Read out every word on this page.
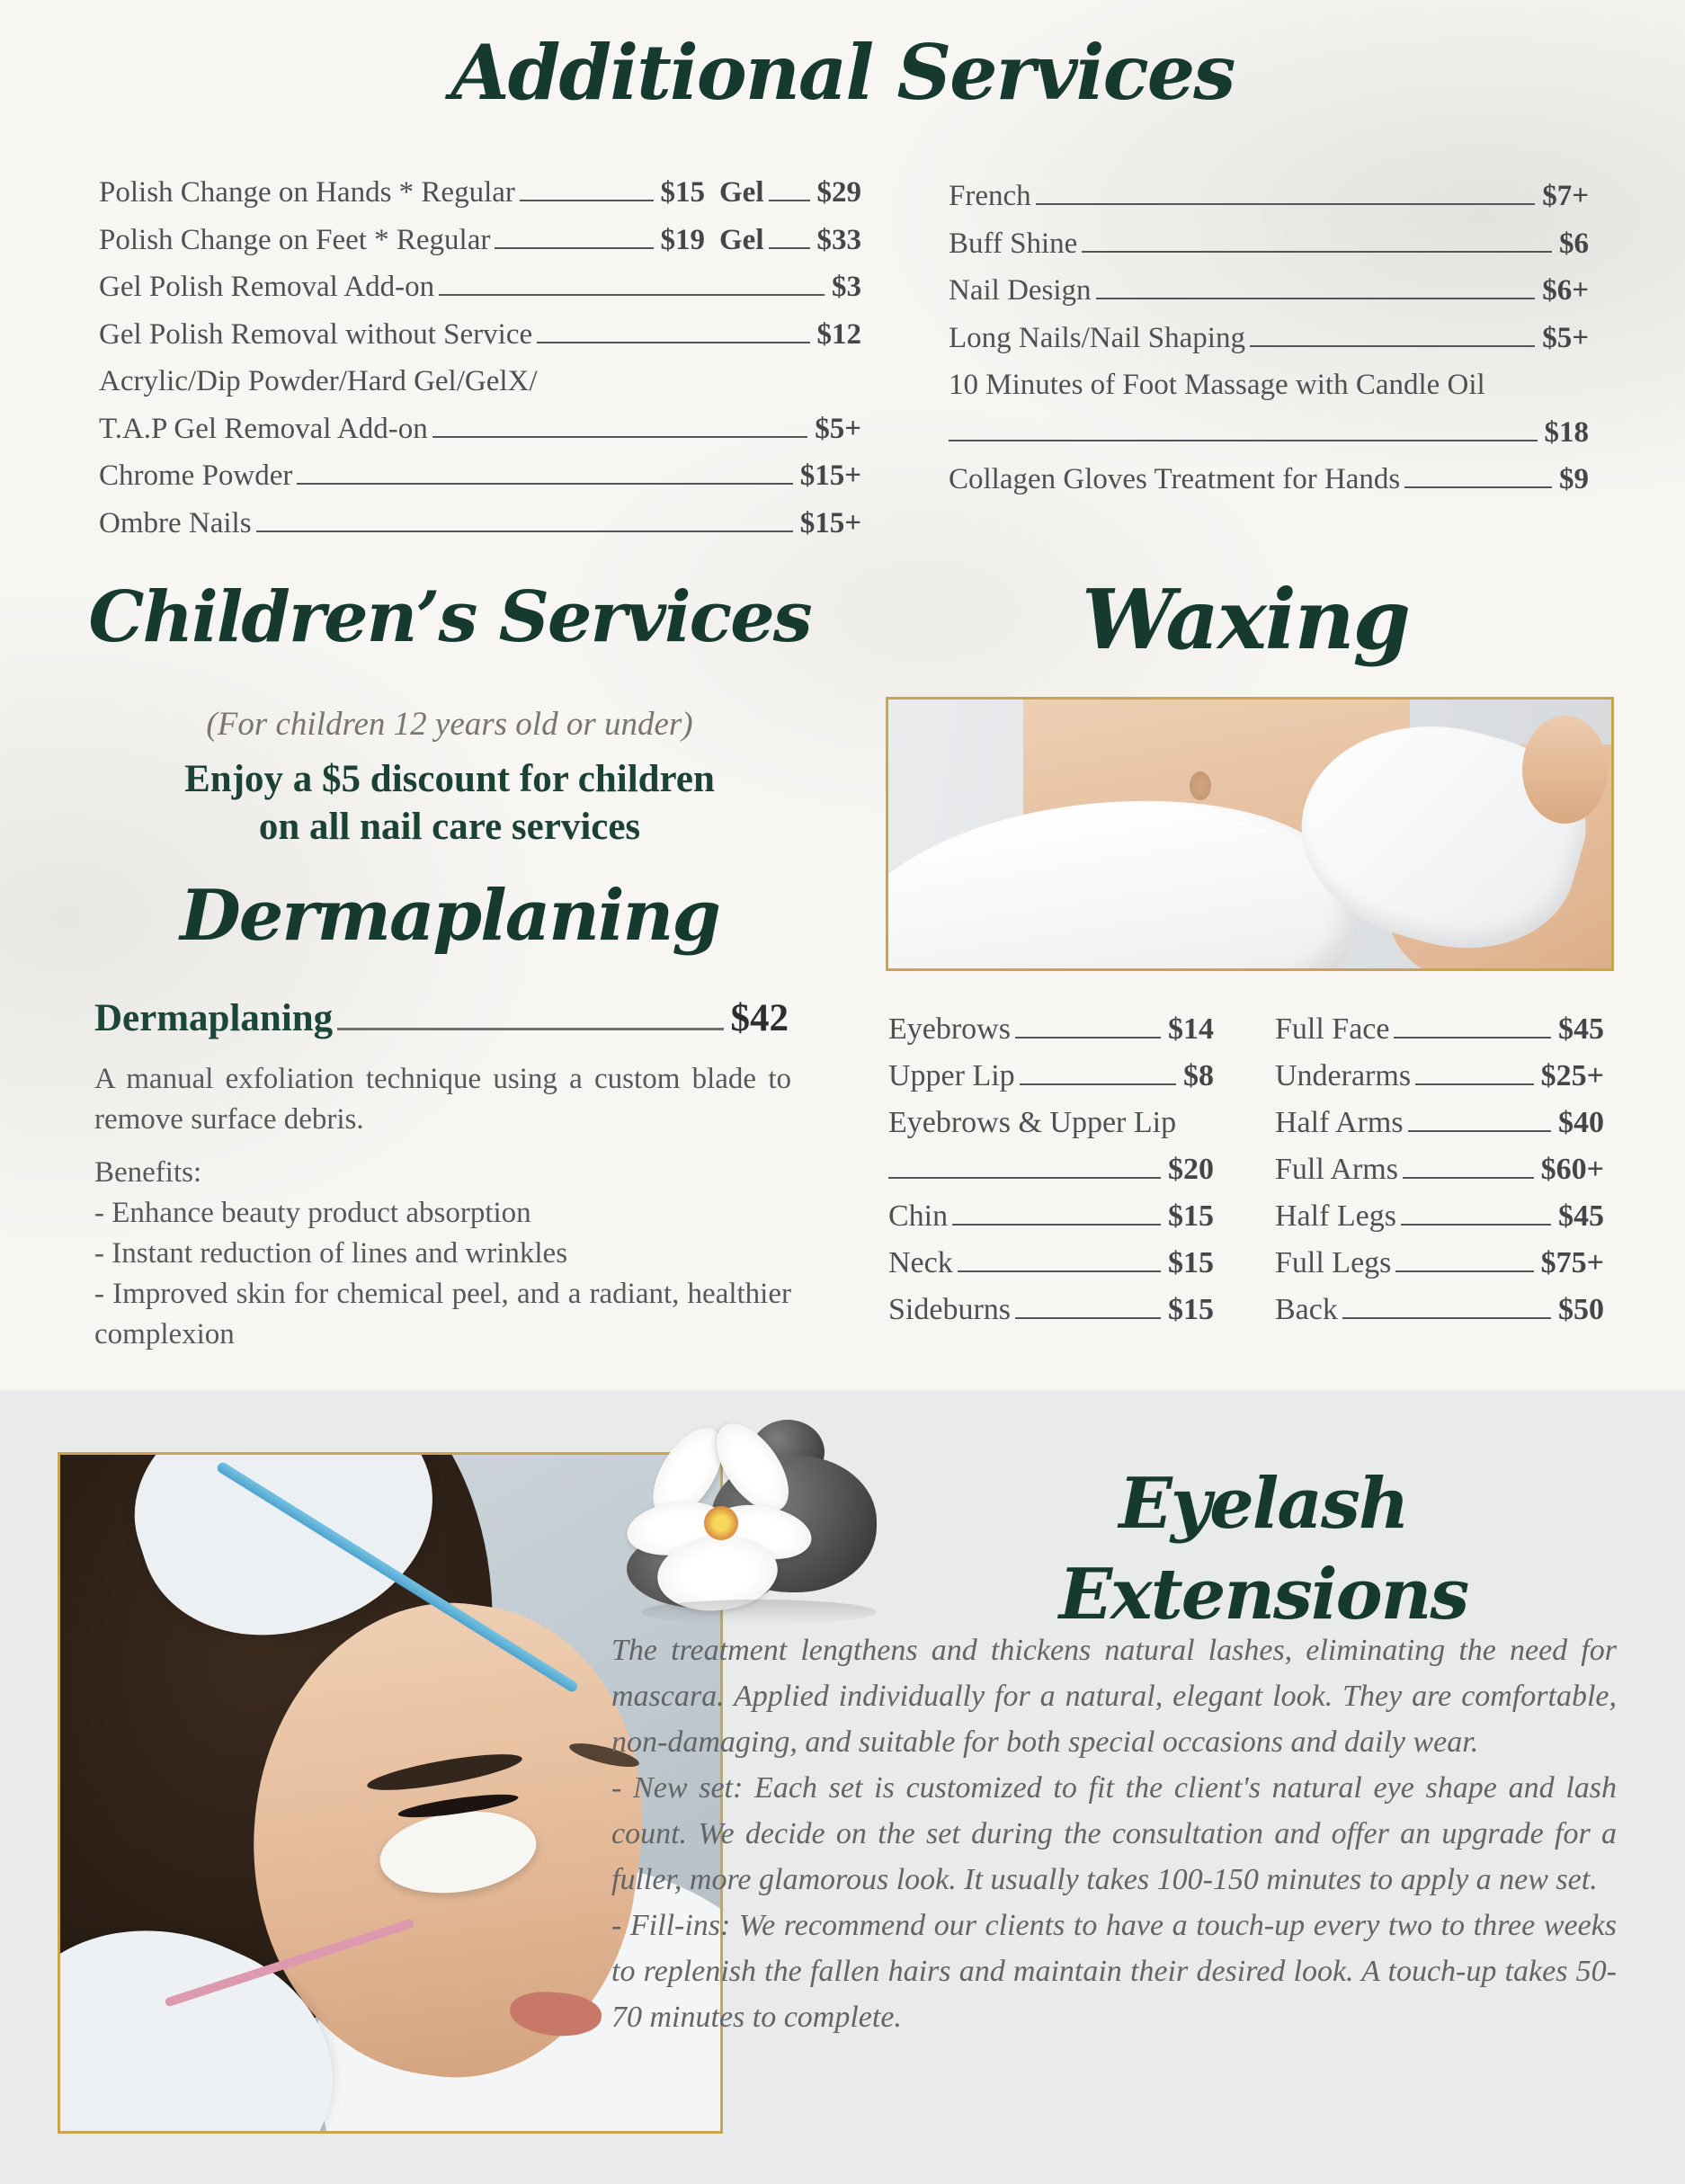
Additional Services
Polish Change on Hands * Regular	$15 Gel $29
Polish Change on Feet * Regular	$19 Gel $33
Gel Polish Removal Add-on	$3
Gel Polish Removal without Service	$12
Acrylic/Dip Powder/Hard Gel/GelX/
T.A.P Gel Removal Add-on	$5+
Chrome Powder	$15+
Ombre Nails	$15+
French	$7+
Buff Shine	$6
Nail Design	$6+
Long Nails/Nail Shaping	$5+
10 Minutes of Foot Massage with Candle Oil
$18
Collagen Gloves Treatment for Hands	$9
Children’s Services
(For children 12 years old or under)
Enjoy a $5 discount for children
on all nail care services
Waxing
Dermaplaning
Dermaplaning	$42

A manual exfoliation technique using a custom blade to remove surface debris.

Benefits:
- Enhance beauty product absorption
- Instant reduction of lines and wrinkles
- Improved skin for chemical peel, and a radiant, healthier complexion
Eyebrows	$14
Upper Lip	$8
Eyebrows & Upper Lip
$20
Chin	$15
Neck	$15
Sideburns	$15
Full Face	$45
Underarms	$25+
Half Arms	$40
Full Arms	$60+
Half Legs	$45
Full Legs	$75+
Back	$50
Eyelash Extensions

The treatment lengthens and thickens natural lashes, eliminating the need for mascara. Applied individually for a natural, elegant look. They are comfortable, non-damaging, and suitable for both special occasions and daily wear.

- New set: Each set is customized to fit the client's natural eye shape and lash count. We decide on the set during the consultation and offer an upgrade for a fuller, more glamorous look. It usually takes 100-150 minutes to apply a new set.

- Fill-ins: We recommend our clients to have a touch-up every two to three weeks to replenish the fallen hairs and maintain their desired look. A touch-up takes 50-70 minutes to complete.
